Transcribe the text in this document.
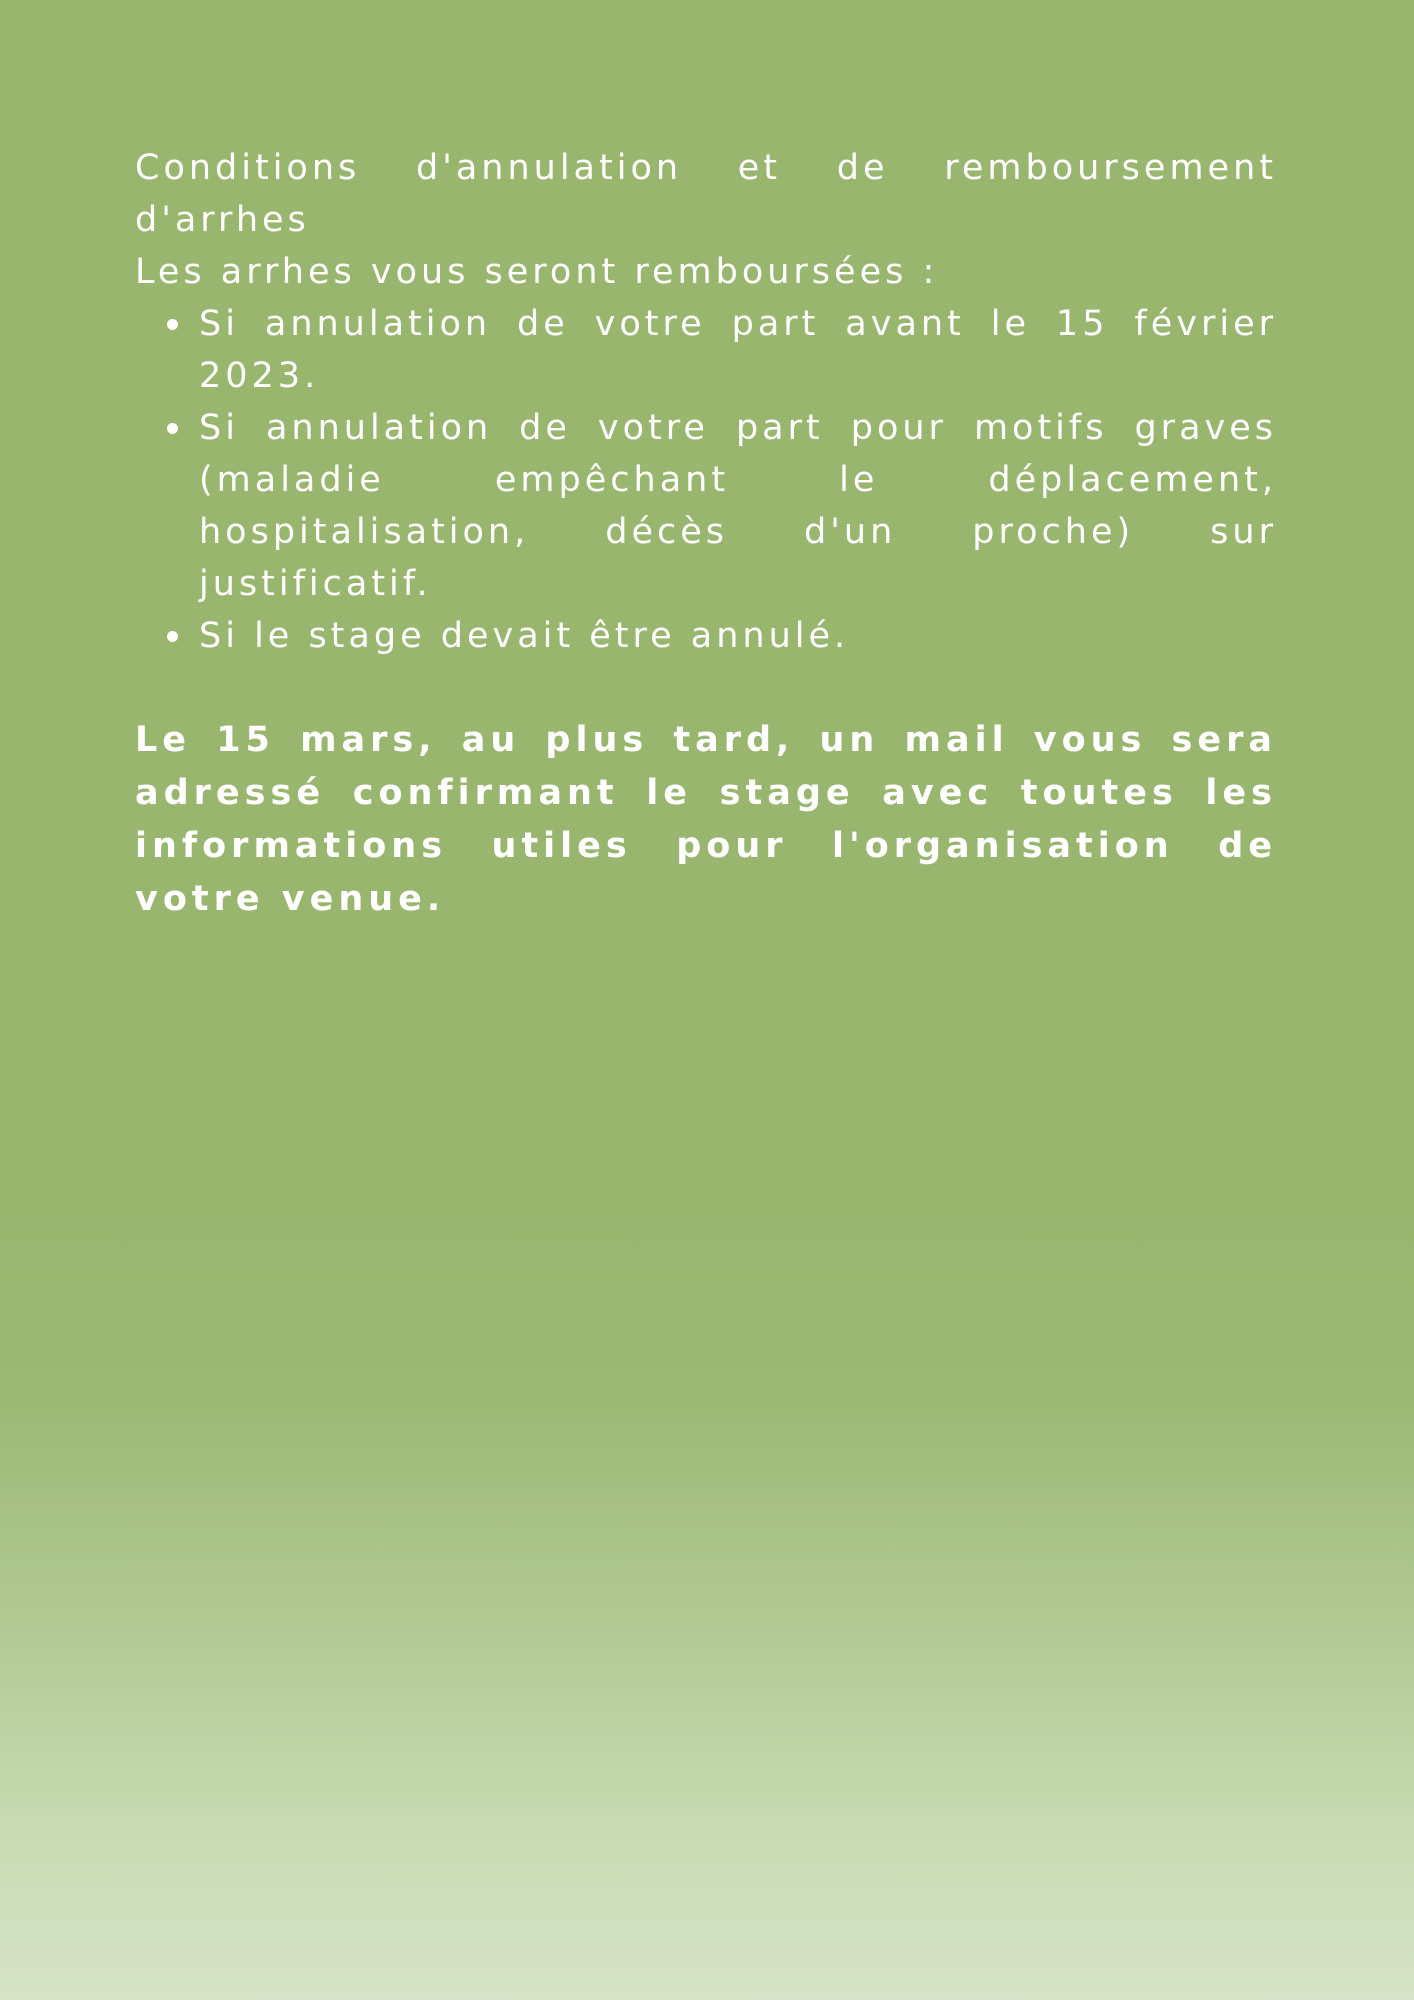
Conditions d'annulation et de remboursement d'arrhes

Les arrhes vous seront remboursées :

Si annulation de votre part avant le 15 février 2023.
Si annulation de votre part pour motifs graves (maladie empêchant le déplacement, hospitalisation, décès d'un proche) sur justificatif.
Si le stage devait être annulé.

Le 15 mars, au plus tard, un mail vous sera adressé confirmant le stage avec toutes les informations utiles pour l'organisation de votre venue.
